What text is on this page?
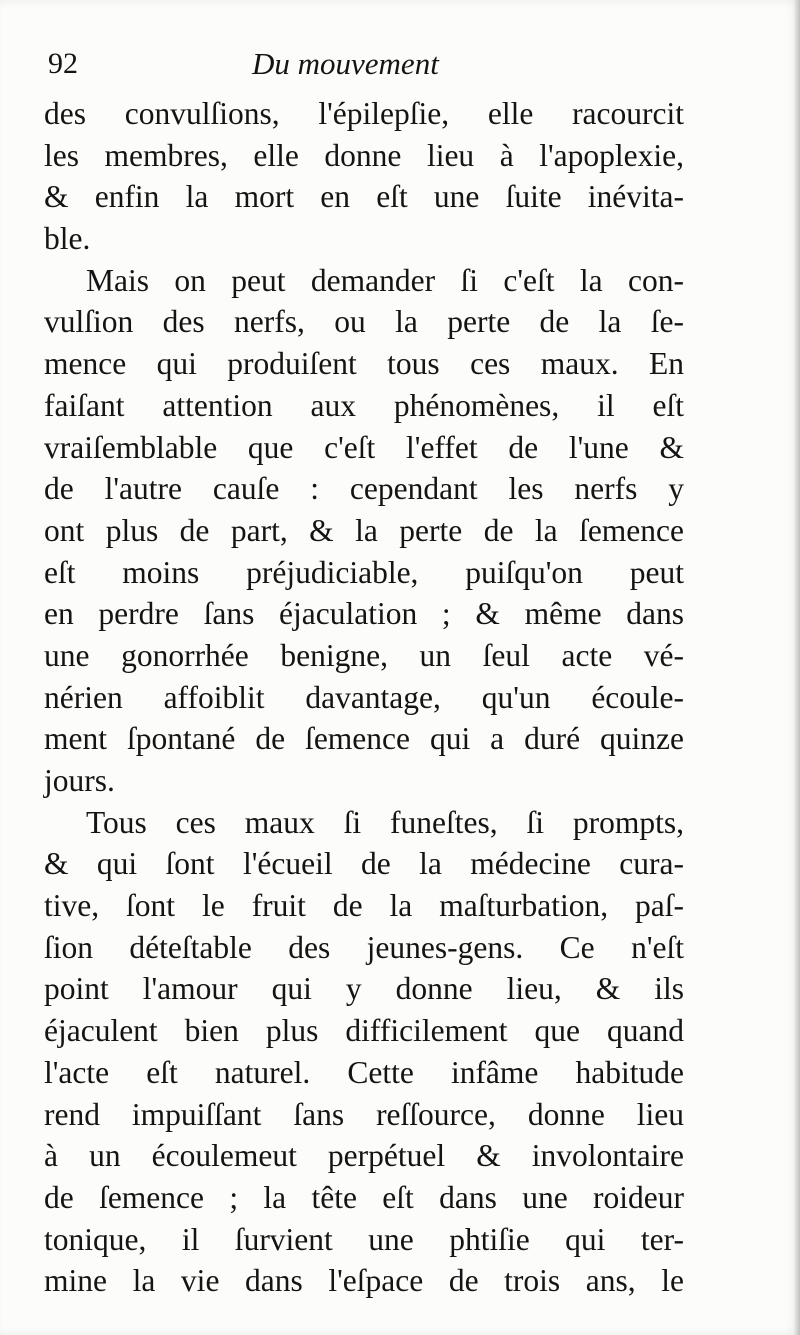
92	Du mouvement
des convulſions, l'épilepſie, elle racourcit
les membres, elle donne lieu à l'apoplexie,
& enfin la mort en eſt une ſuite inévita-
ble.
Mais on peut demander ſi c'eſt la con-
vulſion des nerfs, ou la perte de la ſe-
mence qui produiſent tous ces maux. En
faiſant attention aux phénomènes, il eſt
vraiſemblable que c'eſt l'effet de l'une &
de l'autre cauſe : cependant les nerfs y
ont plus de part, & la perte de la ſemence
eſt moins préjudiciable, puiſqu'on peut
en perdre ſans éjaculation ; & même dans
une gonorrhée benigne, un ſeul acte vé-
nérien affoiblit davantage, qu'un écoule-
ment ſpontané de ſemence qui a duré quinze
jours.
Tous ces maux ſi funeſtes, ſi prompts,
& qui ſont l'écueil de la médecine cura-
tive, ſont le fruit de la maſturbation, paſ-
ſion déteſtable des jeunes-gens. Ce n'eſt
point l'amour qui y donne lieu, & ils
éjaculent bien plus difficilement que quand
l'acte eſt naturel. Cette infâme habitude
rend impuiſſant ſans reſſource, donne lieu
à un écoulemeut perpétuel & involontaire
de ſemence ; la tête eſt dans une roideur
tonique, il ſurvient une phtiſie qui ter-
mine la vie dans l'eſpace de trois ans, le
